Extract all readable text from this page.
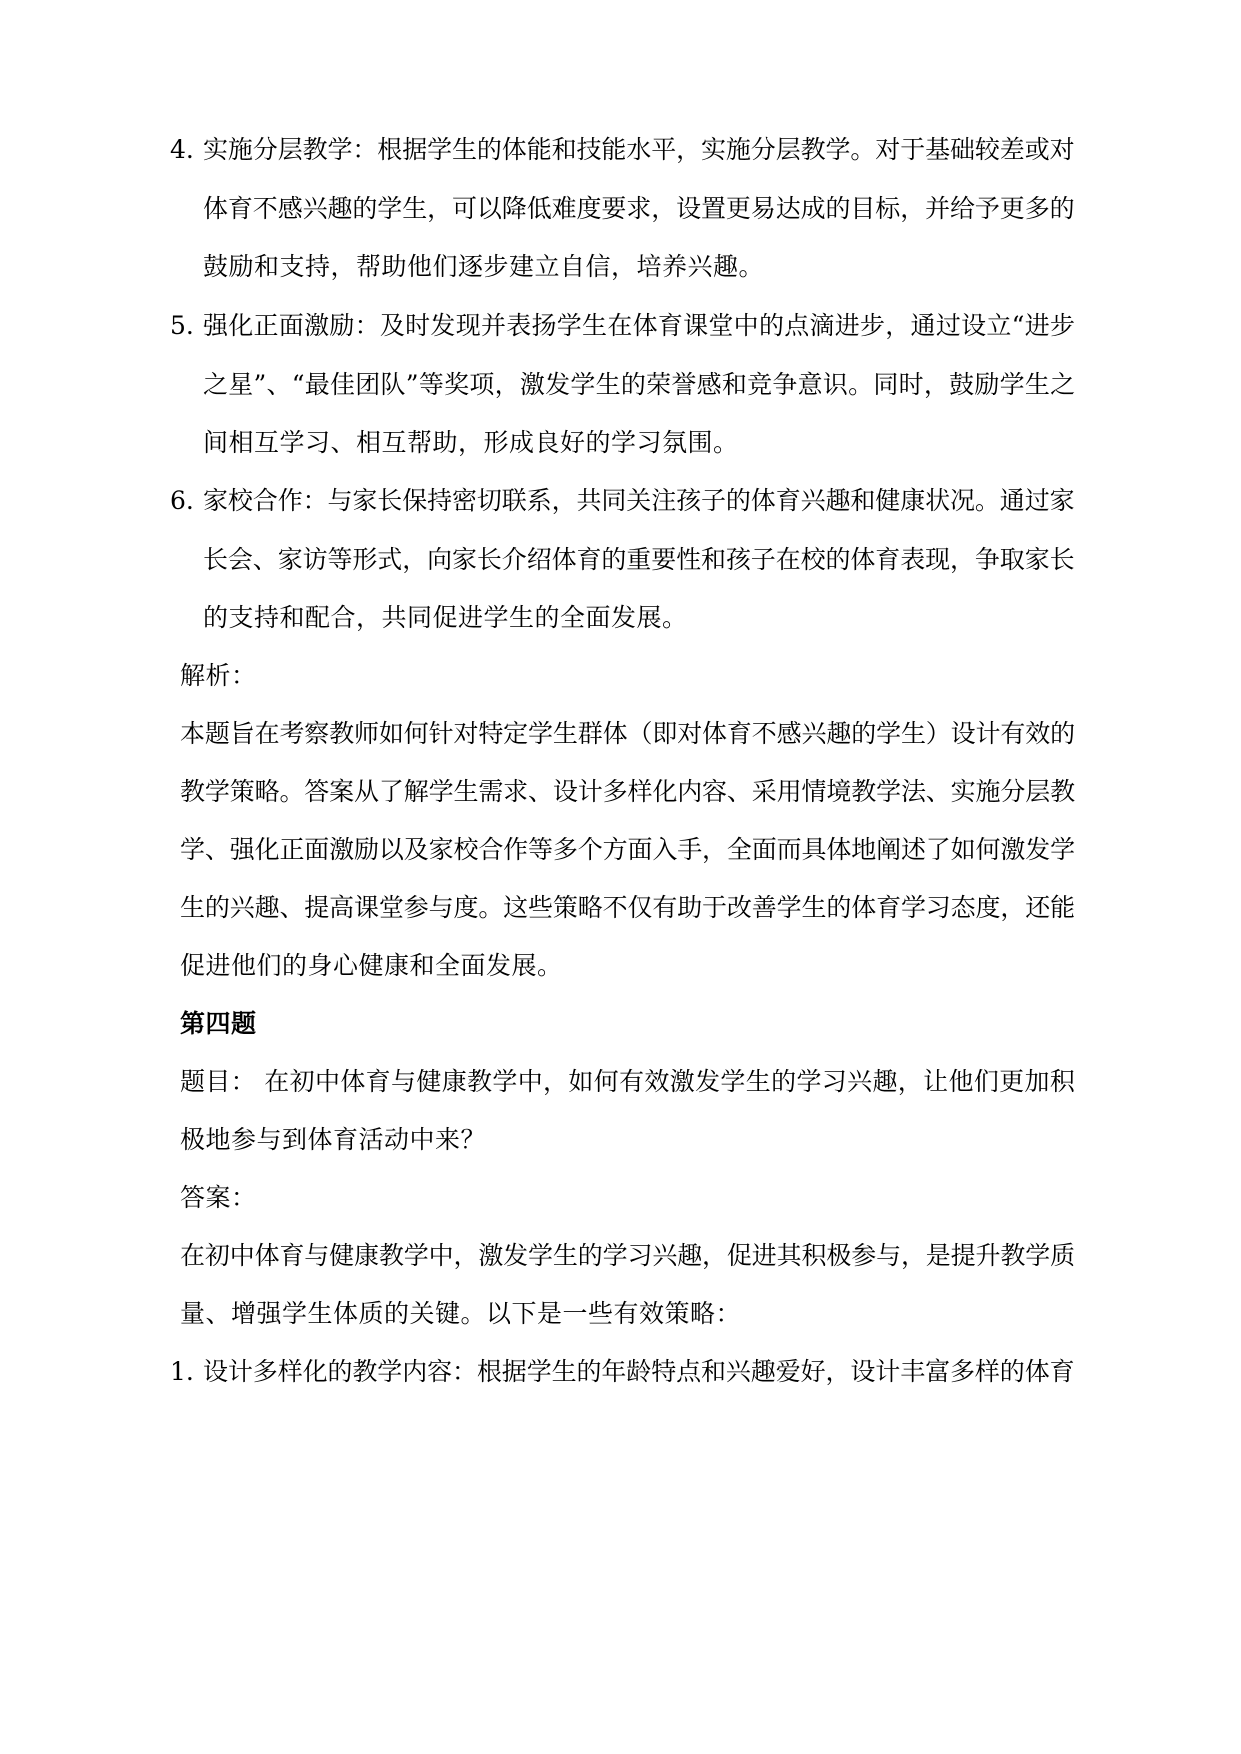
4. 实施分层教学：根据学生的体能和技能水平，实施分层教学。对于基础较差或对
体育不感兴趣的学生，可以降低难度要求，设置更易达成的目标，并给予更多的
鼓励和支持，帮助他们逐步建立自信，培养兴趣。
5. 强化正面激励：及时发现并表扬学生在体育课堂中的点滴进步，通过设立“进步
之星”、“最佳团队”等奖项，激发学生的荣誉感和竞争意识。同时，鼓励学生之
间相互学习、相互帮助，形成良好的学习氛围。
6. 家校合作：与家长保持密切联系，共同关注孩子的体育兴趣和健康状况。通过家
长会、家访等形式，向家长介绍体育的重要性和孩子在校的体育表现，争取家长
的支持和配合，共同促进学生的全面发展。
解析：
本题旨在考察教师如何针对特定学生群体（即对体育不感兴趣的学生）设计有效的
教学策略。答案从了解学生需求、设计多样化内容、采用情境教学法、实施分层教
学、强化正面激励以及家校合作等多个方面入手，全面而具体地阐述了如何激发学
生的兴趣、提高课堂参与度。这些策略不仅有助于改善学生的体育学习态度，还能
促进他们的身心健康和全面发展。
第四题
题目： 在初中体育与健康教学中，如何有效激发学生的学习兴趣，让他们更加积
极地参与到体育活动中来？
答案：
在初中体育与健康教学中，激发学生的学习兴趣，促进其积极参与，是提升教学质
量、增强学生体质的关键。以下是一些有效策略：
1. 设计多样化的教学内容：根据学生的年龄特点和兴趣爱好，设计丰富多样的体育
